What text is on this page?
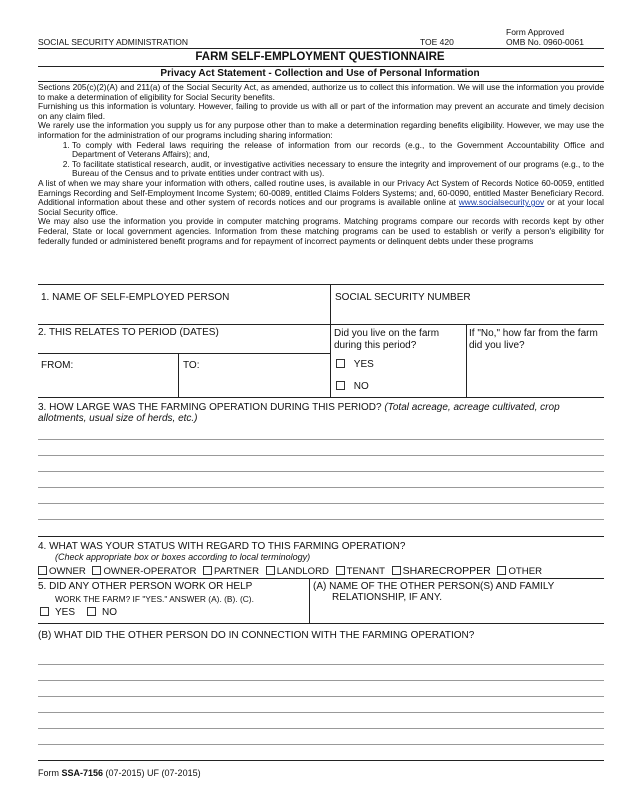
SOCIAL SECURITY ADMINISTRATION	TOE 420
Form Approved
OMB No. 0960-0061
FARM SELF-EMPLOYMENT QUESTIONNAIRE
Privacy Act Statement - Collection and Use of Personal Information

Sections 205(c)(2)(A) and 211(a) of the Social Security Act, as amended, authorize us to collect this information. We will use the information you provide to make a determination of eligibility for Social Security benefits.

Furnishing us this information is voluntary. However, failing to provide us with all or part of the information may prevent an accurate and timely decision on any claim filed.

We rarely use the information you supply us for any purpose other than to make a determination regarding benefits eligibility. However, we may use the information for the administration of our programs including sharing information:

1. To comply with Federal laws requiring the release of information from our records (e.g., to the Government Accountability Office and Department of Veterans Affairs); and,
2. To facilitate statistical research, audit, or investigative activities necessary to ensure the integrity and improvement of our programs (e.g., to the Bureau of the Census and to private entities under contract with us).

A list of when we may share your information with others, called routine uses, is available in our Privacy Act System of Records Notice 60-0059, entitled Earnings Recording and Self-Employment Income System; 60-0089, entitled Claims Folders Systems; and, 60-0090, entitled Master Beneficiary Record. Additional information about these and other system of records notices and our programs is available online at www.socialsecurity.gov or at your local Social Security office.

We may also use the information you provide in computer matching programs. Matching programs compare our records with records kept by other Federal, State or local government agencies. Information from these matching programs can be used to establish or verify a person's eligibility for federally funded or administered benefit programs and for repayment of incorrect payments or delinquent debts under these programs

1. NAME OF SELF-EMPLOYED PERSON	SOCIAL SECURITY NUMBER
2. THIS RELATES TO PERIOD (DATES)
FROM:	TO:
Did you live on the farm during this period?
YES
NO
If "No," how far from the farm did you live?
3. HOW LARGE WAS THE FARMING OPERATION DURING THIS PERIOD? (Total acreage, acreage cultivated, crop allotments, usual size of herds, etc.)
4. WHAT WAS YOUR STATUS WITH REGARD TO THIS FARMING OPERATION?
(Check appropriate box or boxes according to local terminology)
OWNER OWNER-OPERATOR PARTNER LANDLORD TENANT SHARECROPPER OTHER
5. DID ANY OTHER PERSON WORK OR HELP
WORK THE FARM? IF "YES." ANSWER (A). (B). (C).
YES	NO
(A) NAME OF THE OTHER PERSON(S) AND FAMILY
RELATIONSHIP, IF ANY.
(B) WHAT DID THE OTHER PERSON DO IN CONNECTION WITH THE FARMING OPERATION?
Form SSA-7156 (07-2015) UF (07-2015)
